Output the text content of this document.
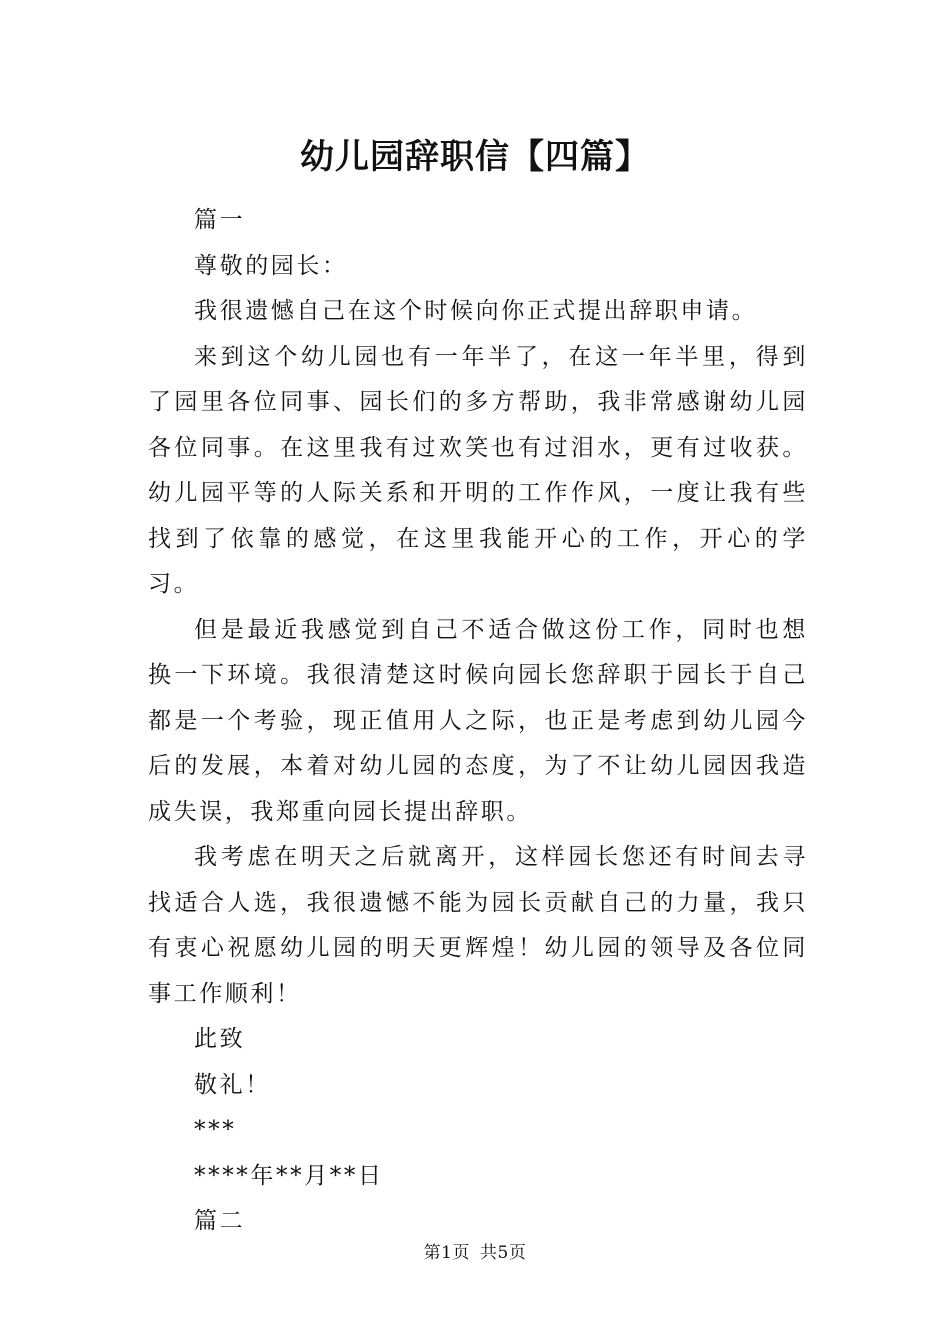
幼儿园辞职信【四篇】

篇一

尊敬的园长：

我很遗憾自己在这个时候向你正式提出辞职申请。

来到这个幼儿园也有一年半了，在这一年半里，得到了园里各位同事、园长们的多方帮助，我非常感谢幼儿园各位同事。在这里我有过欢笑也有过泪水，更有过收获。幼儿园平等的人际关系和开明的工作作风，一度让我有些找到了依靠的感觉，在这里我能开心的工作，开心的学习。

但是最近我感觉到自己不适合做这份工作，同时也想换一下环境。我很清楚这时候向园长您辞职于园长于自己都是一个考验，现正值用人之际，也正是考虑到幼儿园今后的发展，本着对幼儿园的态度，为了不让幼儿园因我造成失误，我郑重向园长提出辞职。

我考虑在明天之后就离开，这样园长您还有时间去寻找适合人选，我很遗憾不能为园长贡献自己的力量，我只有衷心祝愿幼儿园的明天更辉煌！幼儿园的领导及各位同事工作顺利！

此致

敬礼！

***

****年**月**日

篇二

第1页 共5页
